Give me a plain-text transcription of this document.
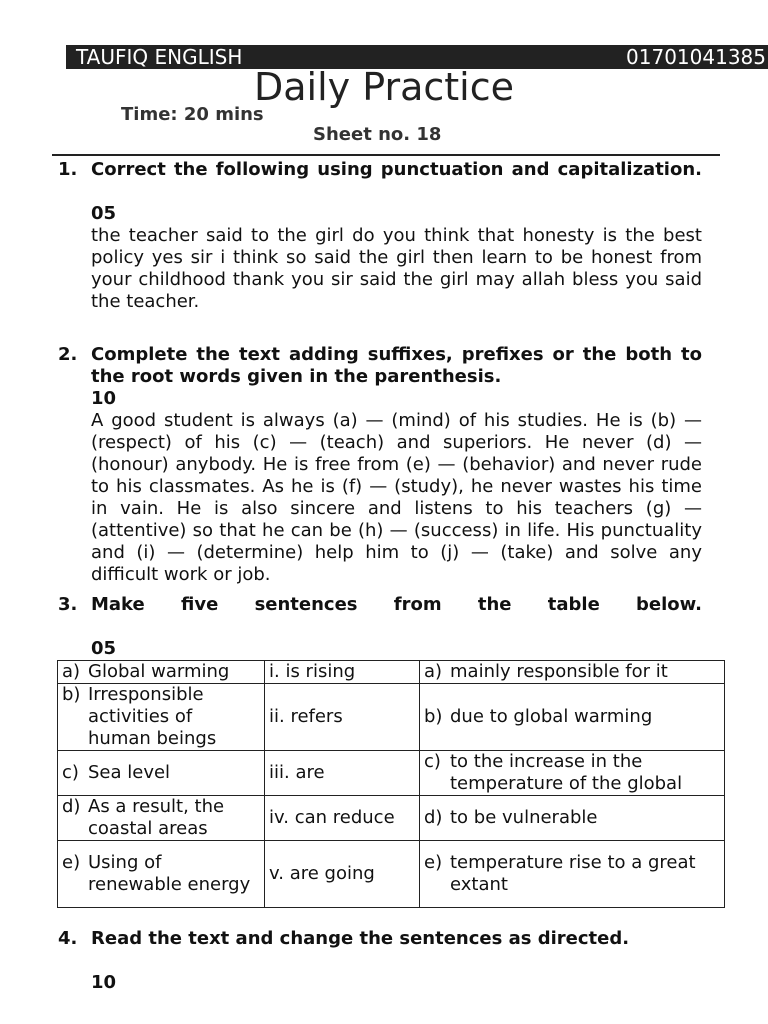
TAUFIQ ENGLISH	01701041385
Daily Practice
Time: 20 mins
Sheet no. 18
1. Correct the following using punctuation and capitalization.
05
the teacher said to the girl do you think that honesty is the best policy yes sir i think so said the girl then learn to be honest from your childhood thank you sir said the girl may allah bless you said the teacher.
2. Complete the text adding suffixes, prefixes or the both to the root words given in the parenthesis.
10
A good student is always (a) — (mind) of his studies. He is (b) — (respect) of his (c) — (teach) and superiors. He never (d) — (honour) anybody. He is free from (e) — (behavior) and never rude to his classmates. As he is (f) — (study), he never wastes his time in vain. He is also sincere and listens to his teachers (g) — (attentive) so that he can be (h) — (success) in life. His punctuality and (i) — (determine) help him to (j) — (take) and solve any difficult work or job.
3. Make five sentences from the table below.
05
a) Global warming	i. is rising	a) mainly responsible for it
b) Irresponsible activities of human beings	ii. refers	b) due to global warming
c) Sea level	iii. are	c) to the increase in the temperature of the global
d) As a result, the coastal areas	iv. can reduce	d) to be vulnerable
e) Using of renewable energy	v. are going	e) temperature rise to a great extant
4. Read the text and change the sentences as directed.
10
